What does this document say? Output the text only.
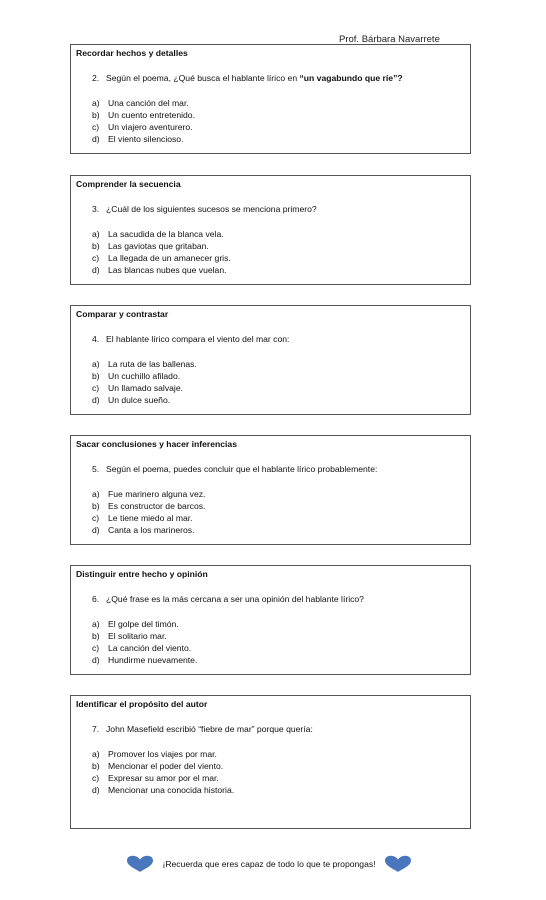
Prof. Bárbara Navarrete
Recordar hechos y detalles
2. Según el poema, ¿Qué busca el hablante lírico en “un vagabundo que ríe”?
a) Una canción del mar.
b) Un cuento entretenido.
c) Un viajero aventurero.
d) El viento silencioso.
Comprender la secuencia
3. ¿Cuál de los siguientes sucesos se menciona primero?
a) La sacudida de la blanca vela.
b) Las gaviotas que gritaban.
c) La llegada de un amanecer gris.
d) Las blancas nubes que vuelan.
Comparar y contrastar
4. El hablante lírico compara el viento del mar con:
a) La ruta de las ballenas.
b) Un cuchillo afilado.
c) Un llamado salvaje.
d) Un dulce sueño.
Sacar conclusiones y hacer inferencias
5. Según el poema, puedes concluir que el hablante lírico probablemente:
a) Fue marinero alguna vez.
b) Es constructor de barcos.
c) Le tiene miedo al mar.
d) Canta a los marineros.
Distinguir entre hecho y opinión
6. ¿Qué frase es la más cercana a ser una opinión del hablante lírico?
a) El golpe del timón.
b) El solitario mar.
c) La canción del viento.
d) Hundirme nuevamente.
Identificar el propósito del autor
7. John Masefield escribió “fiebre de mar” porque quería:
a) Promover los viajes por mar.
b) Mencionar el poder del viento.
c) Expresar su amor por el mar.
d) Mencionar una conocida historia.
¡Recuerda que eres capaz de todo lo que te propongas!
